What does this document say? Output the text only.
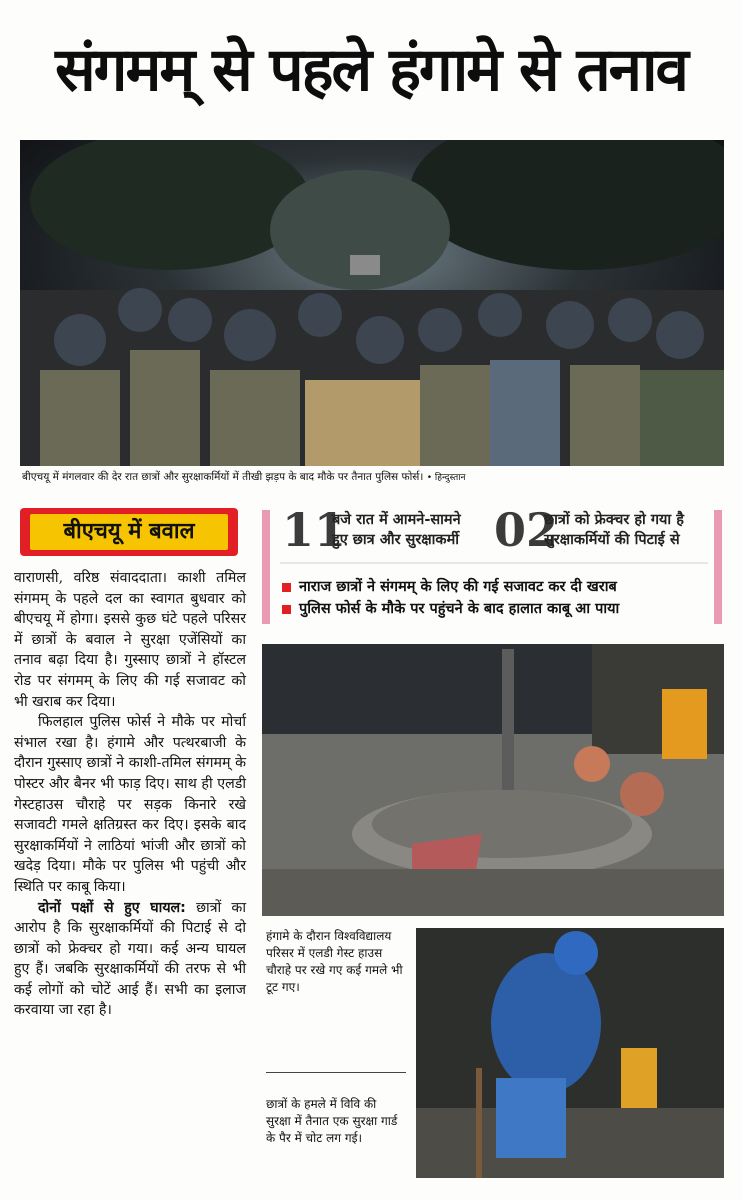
संगमम् से पहले हंगामे से तनाव
बीएचयू में मंगलवार की देर रात छात्रों और सुरक्षाकर्मियों में तीखी झड़प के बाद मौके पर तैनात पुलिस फोर्स। • हिन्दुस्तान
बीएचयू में बवाल	11
बजे रात में आमने-सामने
हुए छात्र और सुरक्षाकर्मी 02
छात्रों को फ्रेक्चर हो गया है
सुरक्षाकर्मियों की पिटाई से
नाराज छात्रों ने संगमम् के लिए की गई सजावट कर दी खराब
पुलिस फोर्स के मौके पर पहुंचने के बाद हालात काबू आ पाया

वाराणसी, वरिष्ठ संवाददाता। काशी तमिल संगमम् के पहले दल का स्वागत बुधवार को बीएचयू में होगा। इससे कुछ घंटे पहले परिसर में छात्रों के बवाल ने सुरक्षा एजेंसियों का तनाव बढ़ा दिया है। गुस्साए छात्रों ने हॉस्टल रोड पर संगमम् के लिए की गई सजावट को भी खराब कर दिया।

फिलहाल पुलिस फोर्स ने मौके पर मोर्चा संभाल रखा है। हंगामे और पत्थरबाजी के दौरान गुस्साए छात्रों ने काशी-तमिल संगमम् के पोस्टर और बैनर भी फाड़ दिए। साथ ही एलडी गेस्टहाउस चौराहे पर सड़क किनारे रखे सजावटी गमले क्षतिग्रस्त कर दिए। इसके बाद सुरक्षाकर्मियों ने लाठियां भांजी और छात्रों को खदेड़ दिया। मौके पर पुलिस भी पहुंची और स्थिति पर काबू किया।

दोनों पक्षों से हुए घायल: छात्रों का आरोप है कि सुरक्षाकर्मियों की पिटाई से दो छात्रों को फ्रेक्चर हो गया। कई अन्य घायल हुए हैं। जबकि सुरक्षाकर्मियों की तरफ से भी कई लोगों को चोटें आई हैं। सभी का इलाज करवाया जा रहा है।

हंगामे के दौरान विश्वविद्यालय परिसर में एलडी गेस्ट हाउस चौराहे पर रखे गए कई गमले भी टूट गए।
छात्रों के हमले में विवि की सुरक्षा में तैनात एक सुरक्षा गार्ड के पैर में चोट लग गई।
